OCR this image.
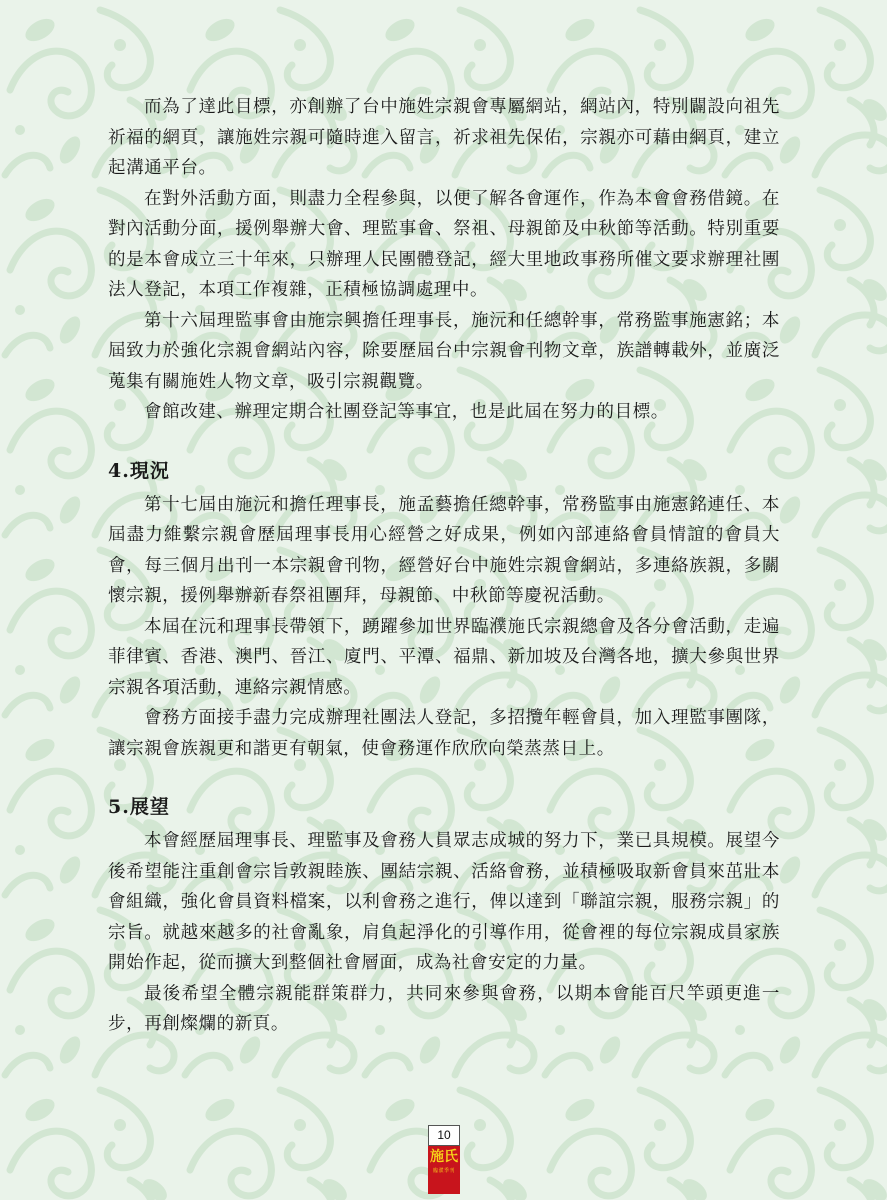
而為了達此目標，亦創辦了台中施姓宗親會專屬網站，網站內，特別闢設向祖先祈福的網頁，讓施姓宗親可隨時進入留言，祈求祖先保佑，宗親亦可藉由網頁，建立起溝通平台。

在對外活動方面，則盡力全程參與，以便了解各會運作，作為本會會務借鏡。在對內活動分面，援例舉辦大會、理監事會、祭祖、母親節及中秋節等活動。特別重要的是本會成立三十年來，只辦理人民團體登記，經大里地政事務所催文要求辦理社團法人登記，本項工作複雜，正積極協調處理中。

第十六屆理監事會由施宗興擔任理事長，施沅和任總幹事，常務監事施憲銘；本屆致力於強化宗親會網站內容，除要歷屆台中宗親會刊物文章，族譜轉載外，並廣泛蒐集有關施姓人物文章，吸引宗親觀覽。

會館改建、辦理定期合社團登記等事宜，也是此屆在努力的目標。

4.現況

第十七屆由施沅和擔任理事長，施孟藝擔任總幹事，常務監事由施憲銘連任、本屆盡力維繫宗親會歷屆理事長用心經營之好成果，例如內部連絡會員情誼的會員大會，每三個月出刊一本宗親會刊物，經營好台中施姓宗親會網站，多連絡族親，多關懷宗親，援例舉辦新春祭祖團拜，母親節、中秋節等慶祝活動。

本屆在沅和理事長帶領下，踴躍參加世界臨濮施氏宗親總會及各分會活動，走遍菲律賓、香港、澳門、晉江、廈門、平潭、福鼎、新加坡及台灣各地，擴大參與世界宗親各項活動，連絡宗親情感。

會務方面接手盡力完成辦理社團法人登記，多招攬年輕會員，加入理監事團隊，讓宗親會族親更和諧更有朝氣，使會務運作欣欣向榮蒸蒸日上。

5.展望

本會經歷屆理事長、理監事及會務人員眾志成城的努力下，業已具規模。展望今後希望能注重創會宗旨敦親睦族、團結宗親、活絡會務，並積極吸取新會員來茁壯本會組織，強化會員資料檔案，以利會務之進行，俾以達到「聯誼宗親，服務宗親」的宗旨。就越來越多的社會亂象，肩負起淨化的引導作用，從會裡的每位宗親成員家族開始作起，從而擴大到整個社會層面，成為社會安定的力量。

最後希望全體宗親能群策群力，共同來參與會務，以期本會能百尺竿頭更進一步，再創燦爛的新頁。

10
施氏
臨濮季刊
